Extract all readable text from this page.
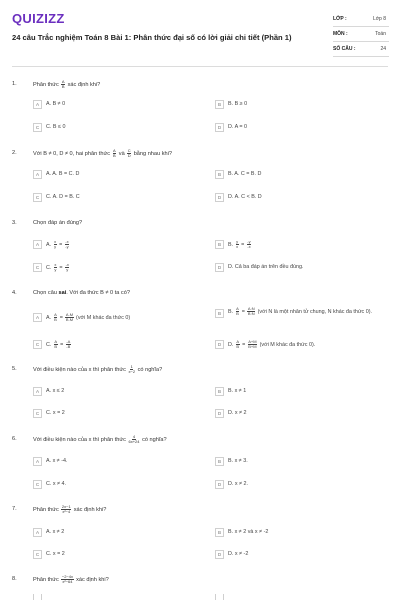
QUIZIZZ
24 câu Trắc nghiệm Toán 8 Bài 1: Phân thức đại số có lời giải chi tiết (Phần 1)
LỚP :	Lớp 8
MÔN :	Toán
SỐ CÂU :	24
1.	Phân thức $\frac{A}{B}$ xác định khi?
A	A. B ≠ 0	B	B. B ≥ 0
C	C. B ≤ 0	D	D. A = 0
2.	Với B ≠ 0, D ≠ 0, hai phân thức $\frac{A}{B}$ và $\frac{C}{D}$ bằng nhau khi?
A	A. A. B = C. D	B	B. A. C = B. D
C	C. A. D = B. C	D	D. A. C < B. D
3.	Chọn đáp án đúng?
A	A. $\frac{x}{y} = \frac{-x}{-y}$	B	B. $\frac{y}{x} = \frac{-y}{-x}$
C	C. $\frac{x}{y} = \frac{-x}{y}$	D	D. Cả ba đáp án trên đều đúng.
4.	Chọn câu sai. Với đa thức B ≠ 0 ta có?
A	A. $\frac{A}{B} = \frac{A.M}{B.M}$ (với M khác đa thức 0)
B	B. $\frac{A}{B} = \frac{A:N}{B:N}$ (với N là một nhân tử chung, N khác đa thức 0).
C	C. $\frac{A}{B} = \frac{-A}{-B}$	D	D. $\frac{A}{B} = \frac{A+M}{B+M}$ (với M khác đa thức 0).
5.	Với điều kiện nào của x thì phân thức $\frac{1}{x-2}$ có nghĩa?
A	A. x ≤ 2	B	B. x ≠ 1
C	C. x = 2	D	D. x ≠ 2
6.	Với điều kiện nào của x thì phân thức $\frac{4}{6x+24}$ có nghĩa?
A	A. x ≠ -4.	B	B. x ≠ 3.
C	C. x ≠ 4.	D	D. x ≠ 2.
7.	Phân thức $\frac{2x-1}{\text{x²−4}}$ xác định khi?
A	A. x ≠ 2	B	B. x ≠ 2 và x ≠ -2
C	C. x = 2	D	D. x ≠ -2
8.	Phân thức $\frac{-2-4x}{\text{x²−64}}$ xác định khi?
